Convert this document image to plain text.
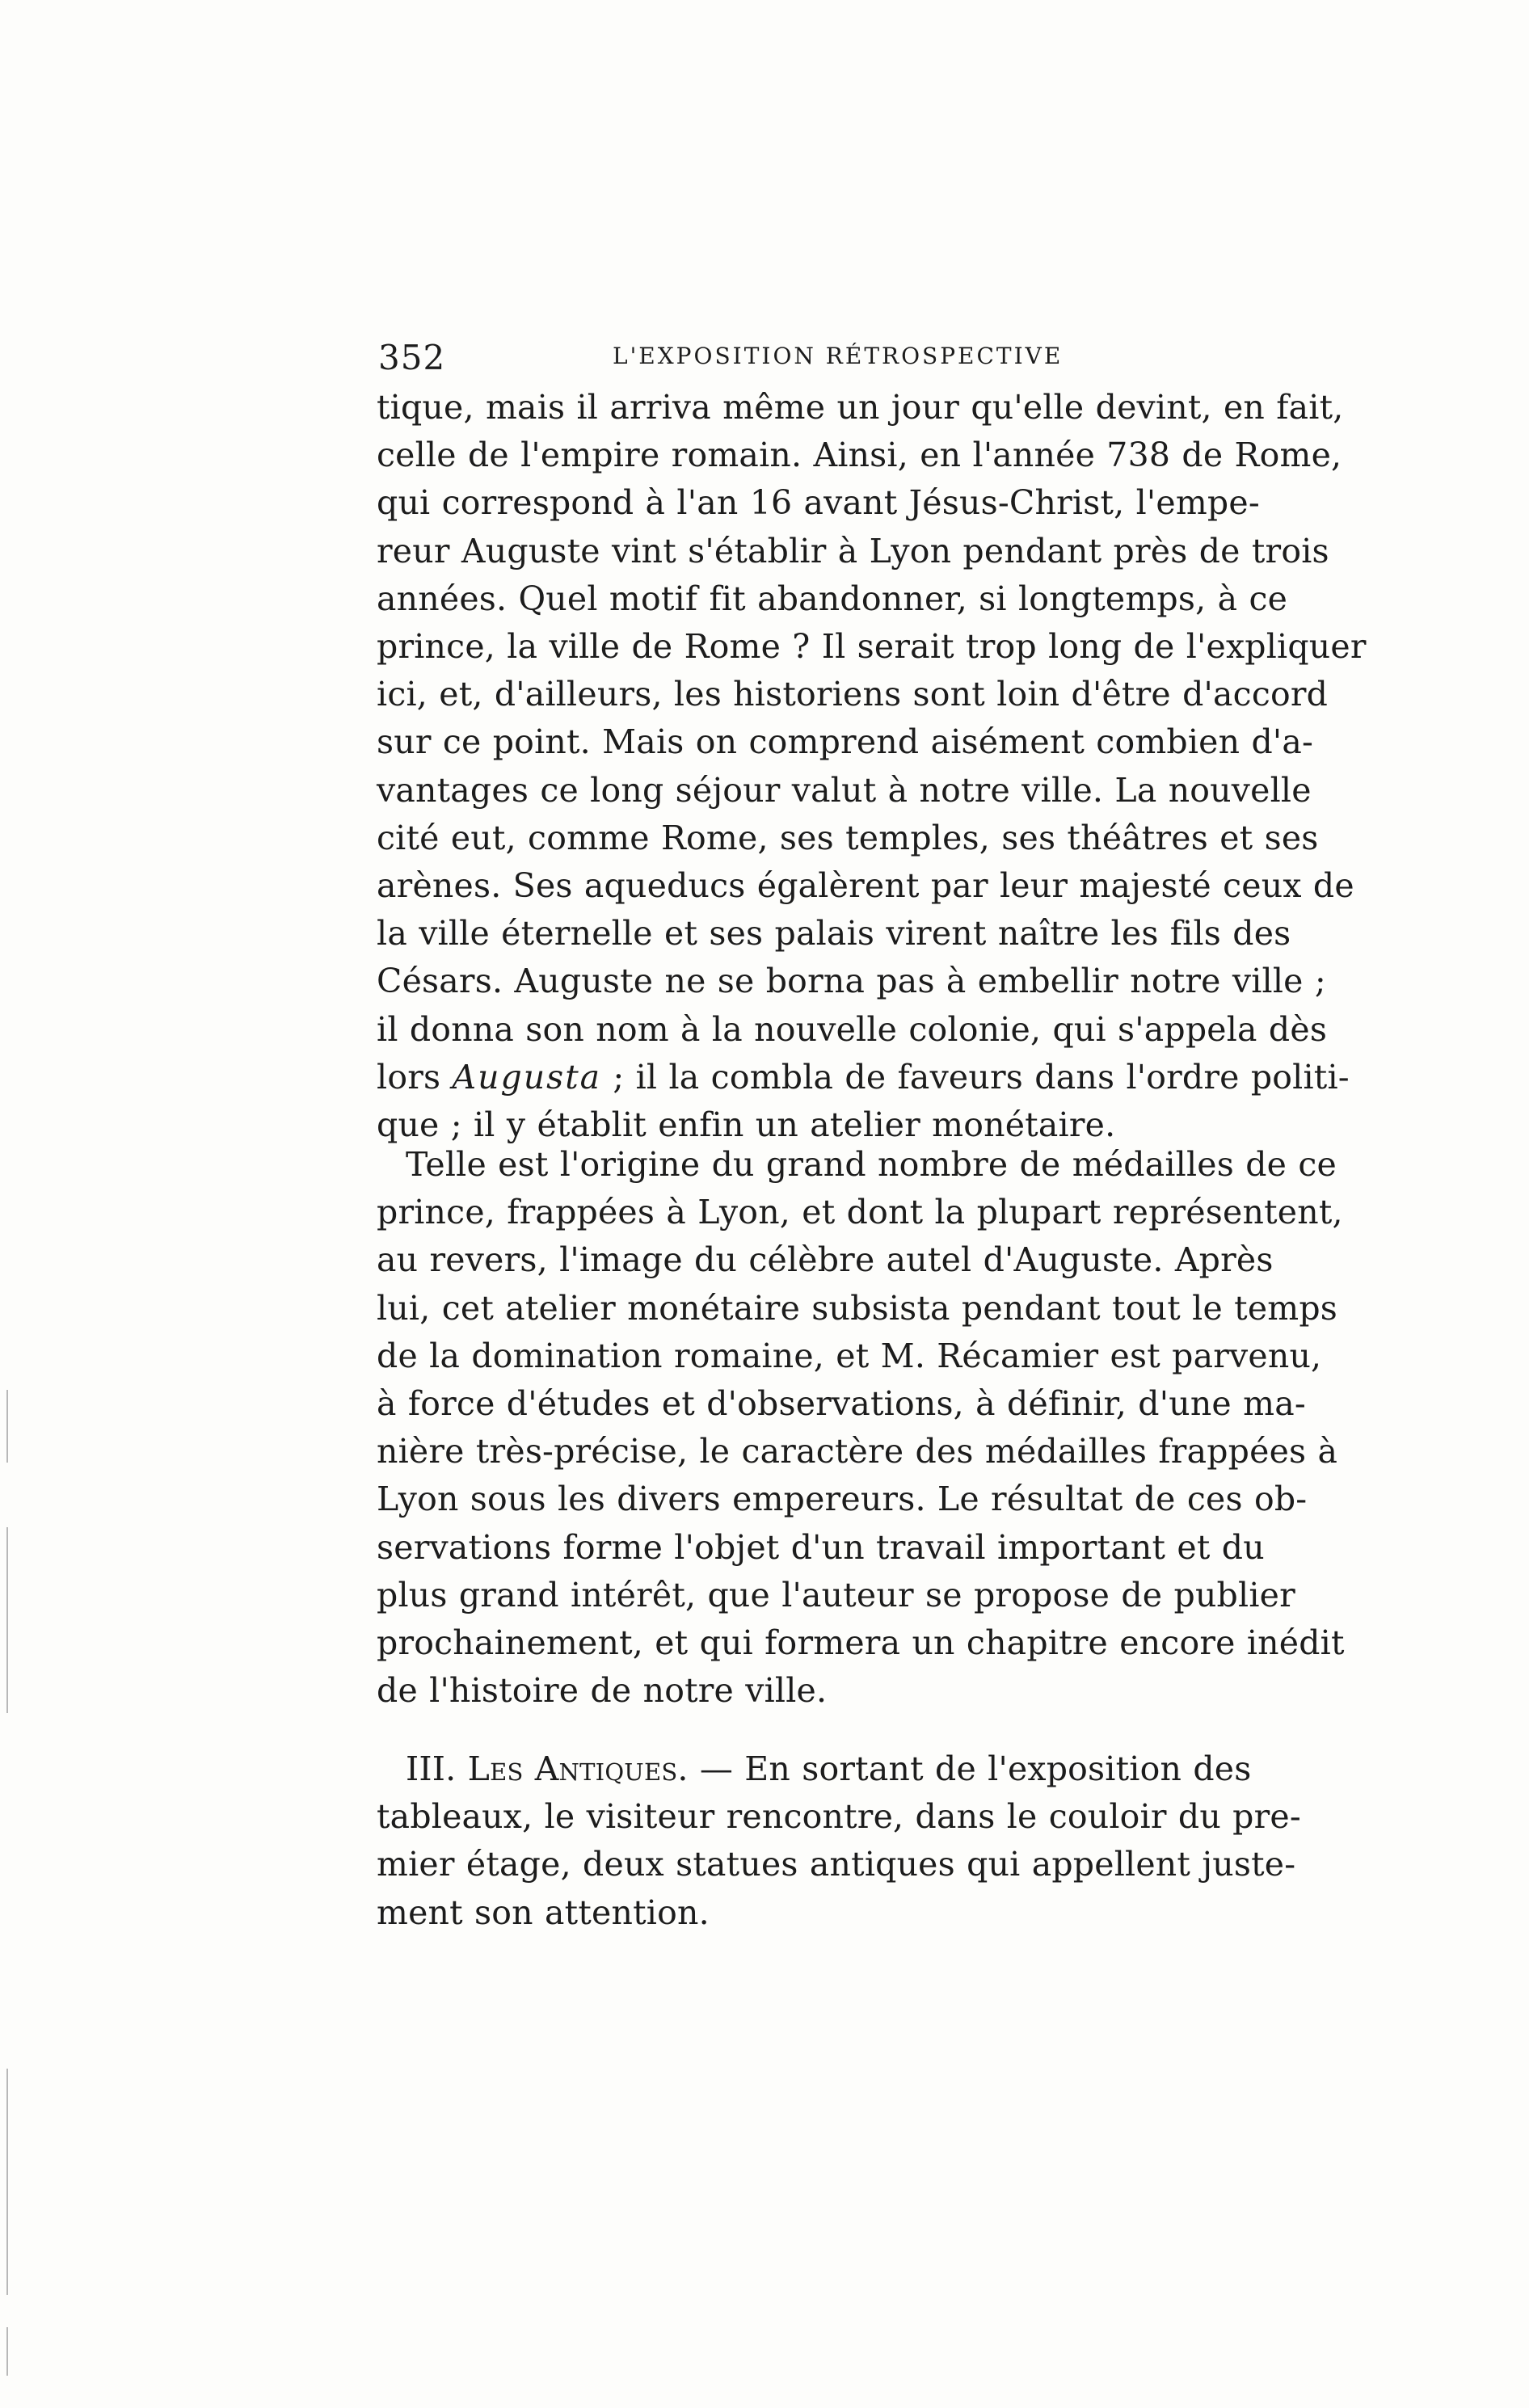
352	L'EXPOSITION RÉTROSPECTIVE
tique, mais il arriva même un jour qu'elle devint, en fait,
celle de l'empire romain. Ainsi, en l'année 738 de Rome,
qui correspond à l'an 16 avant Jésus-Christ, l'empe-
reur Auguste vint s'établir à Lyon pendant près de trois
années. Quel motif fit abandonner, si longtemps, à ce
prince, la ville de Rome ? Il serait trop long de l'expliquer
ici, et, d'ailleurs, les historiens sont loin d'être d'accord
sur ce point. Mais on comprend aisément combien d'a-
vantages ce long séjour valut à notre ville. La nouvelle
cité eut, comme Rome, ses temples, ses théâtres et ses
arènes. Ses aqueducs égalèrent par leur majesté ceux de
la ville éternelle et ses palais virent naître les fils des
Césars. Auguste ne se borna pas à embellir notre ville ;
il donna son nom à la nouvelle colonie, qui s'appela dès
lors Augusta ; il la combla de faveurs dans l'ordre politi-
que ; il y établit enfin un atelier monétaire.
Telle est l'origine du grand nombre de médailles de ce
prince, frappées à Lyon, et dont la plupart représentent,
au revers, l'image du célèbre autel d'Auguste. Après
lui, cet atelier monétaire subsista pendant tout le temps
de la domination romaine, et M. Récamier est parvenu,
à force d'études et d'observations, à définir, d'une ma-
nière très-précise, le caractère des médailles frappées à
Lyon sous les divers empereurs. Le résultat de ces ob-
servations forme l'objet d'un travail important et du
plus grand intérêt, que l'auteur se propose de publier
prochainement, et qui formera un chapitre encore inédit
de l'histoire de notre ville.
III. Les Antiques. — En sortant de l'exposition des
tableaux, le visiteur rencontre, dans le couloir du pre-
mier étage, deux statues antiques qui appellent juste-
ment son attention.
